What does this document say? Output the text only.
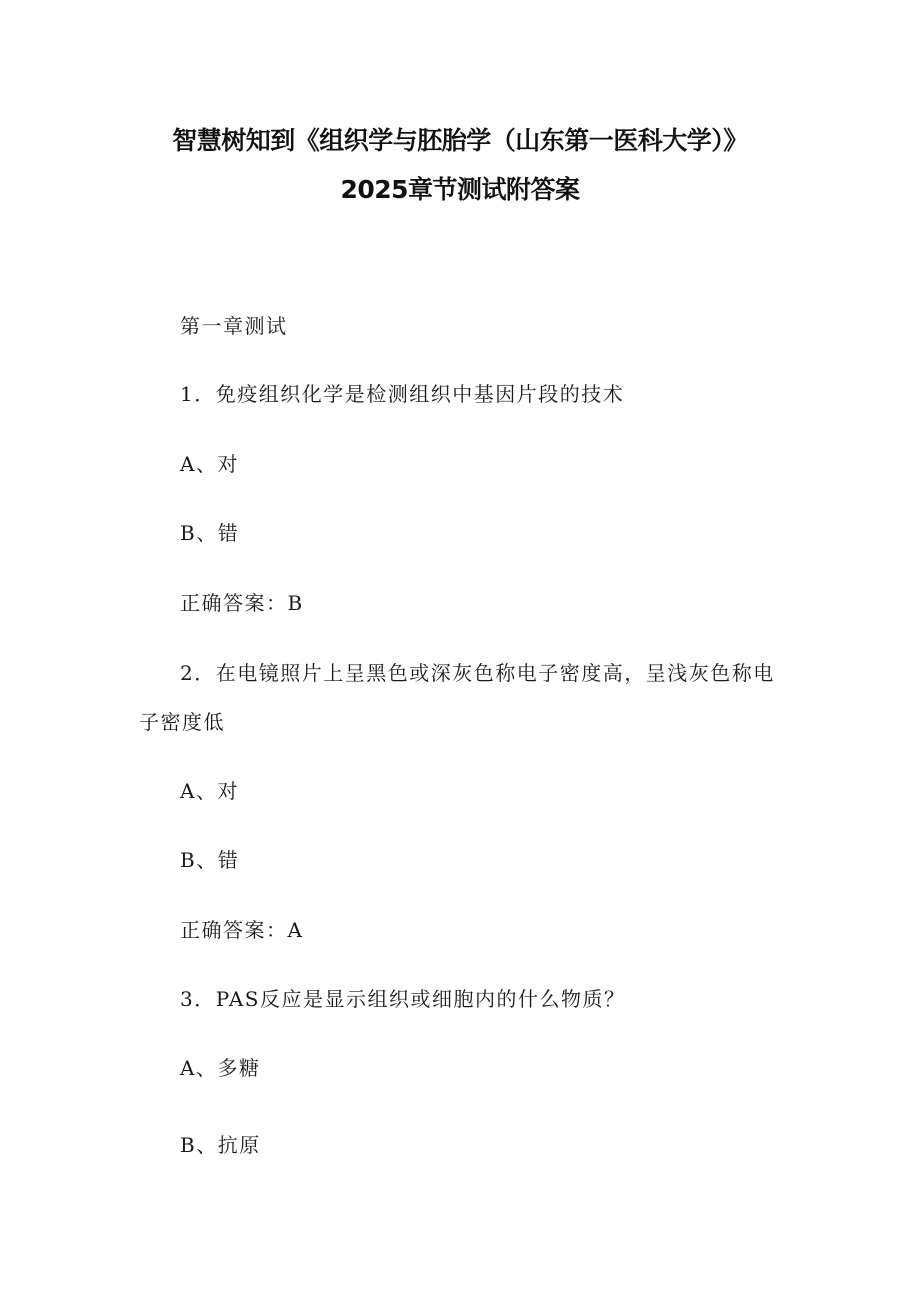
智慧树知到《组织学与胚胎学（山东第一医科大学）》
2025章节测试附答案

第一章测试

1．免疫组织化学是检测组织中基因片段的技术

A、对

B、错

正确答案：B

2．在电镜照片上呈黑色或深灰色称电子密度高，呈浅灰色称电

子密度低

A、对

B、错

正确答案：A

3．PAS反应是显示组织或细胞内的什么物质？

A、多糖

B、抗原
